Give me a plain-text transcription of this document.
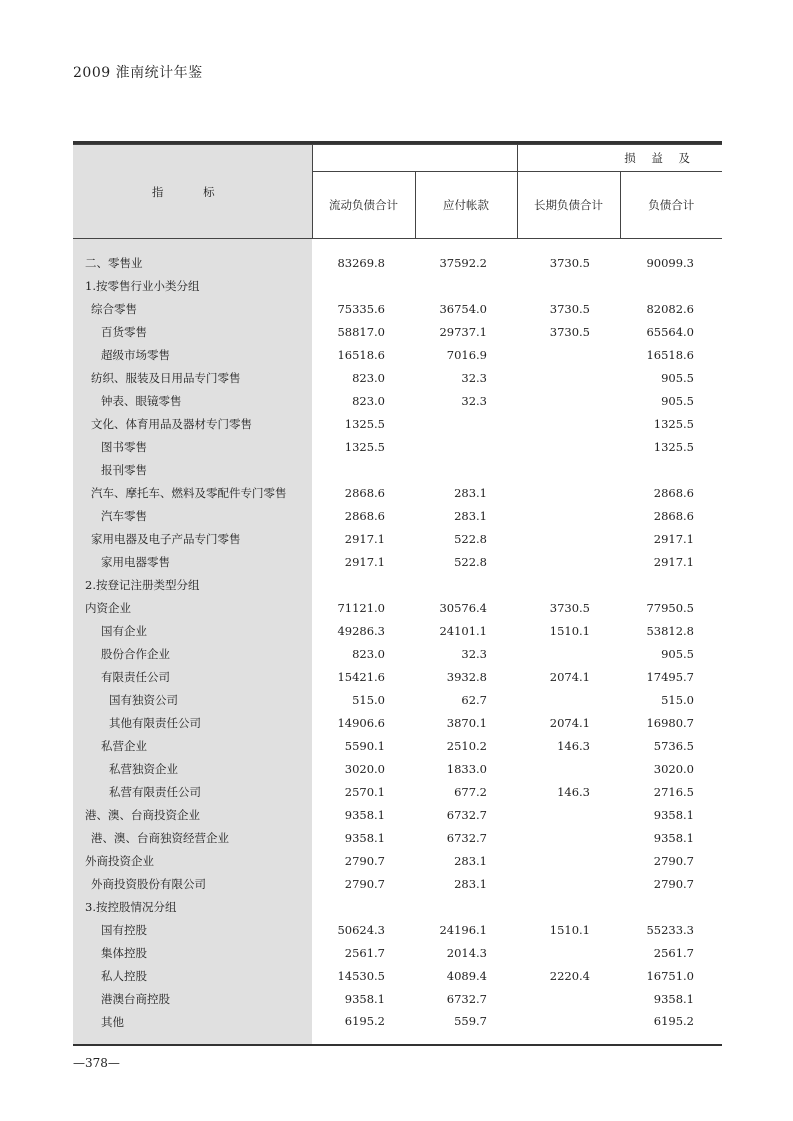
2009 淮南统计年鉴
指 标			损 益 及	
	流动负债合计	应付帐款	长期负债合计	负债合计
二、零售业	83269.8	37592.2	3730.5	90099.3
1.按零售行业小类分组				
综合零售	75335.6	36754.0	3730.5	82082.6
百货零售	58817.0	29737.1	3730.5	65564.0
超级市场零售	16518.6	7016.9		16518.6
纺织、服装及日用品专门零售	823.0	32.3		905.5
钟表、眼镜零售	823.0	32.3		905.5
文化、体育用品及器材专门零售	1325.5			1325.5
图书零售	1325.5			1325.5
报刊零售				
汽车、摩托车、燃料及零配件专门零售	2868.6	283.1		2868.6
汽车零售	2868.6	283.1		2868.6
家用电器及电子产品专门零售	2917.1	522.8		2917.1
家用电器零售	2917.1	522.8		2917.1
2.按登记注册类型分组				
内资企业	71121.0	30576.4	3730.5	77950.5
国有企业	49286.3	24101.1	1510.1	53812.8
股份合作企业	823.0	32.3		905.5
有限责任公司	15421.6	3932.8	2074.1	17495.7
国有独资公司	515.0	62.7		515.0
其他有限责任公司	14906.6	3870.1	2074.1	16980.7
私营企业	5590.1	2510.2	146.3	5736.5
私营独资企业	3020.0	1833.0		3020.0
私营有限责任公司	2570.1	677.2	146.3	2716.5
港、澳、台商投资企业	9358.1	6732.7		9358.1
港、澳、台商独资经营企业	9358.1	6732.7		9358.1
外商投资企业	2790.7	283.1		2790.7
外商投资股份有限公司	2790.7	283.1		2790.7
3.按控股情况分组				
国有控股	50624.3	24196.1	1510.1	55233.3
集体控股	2561.7	2014.3		2561.7
私人控股	14530.5	4089.4	2220.4	16751.0
港澳台商控股	9358.1	6732.7		9358.1
其他	6195.2	559.7		6195.2
—378—
